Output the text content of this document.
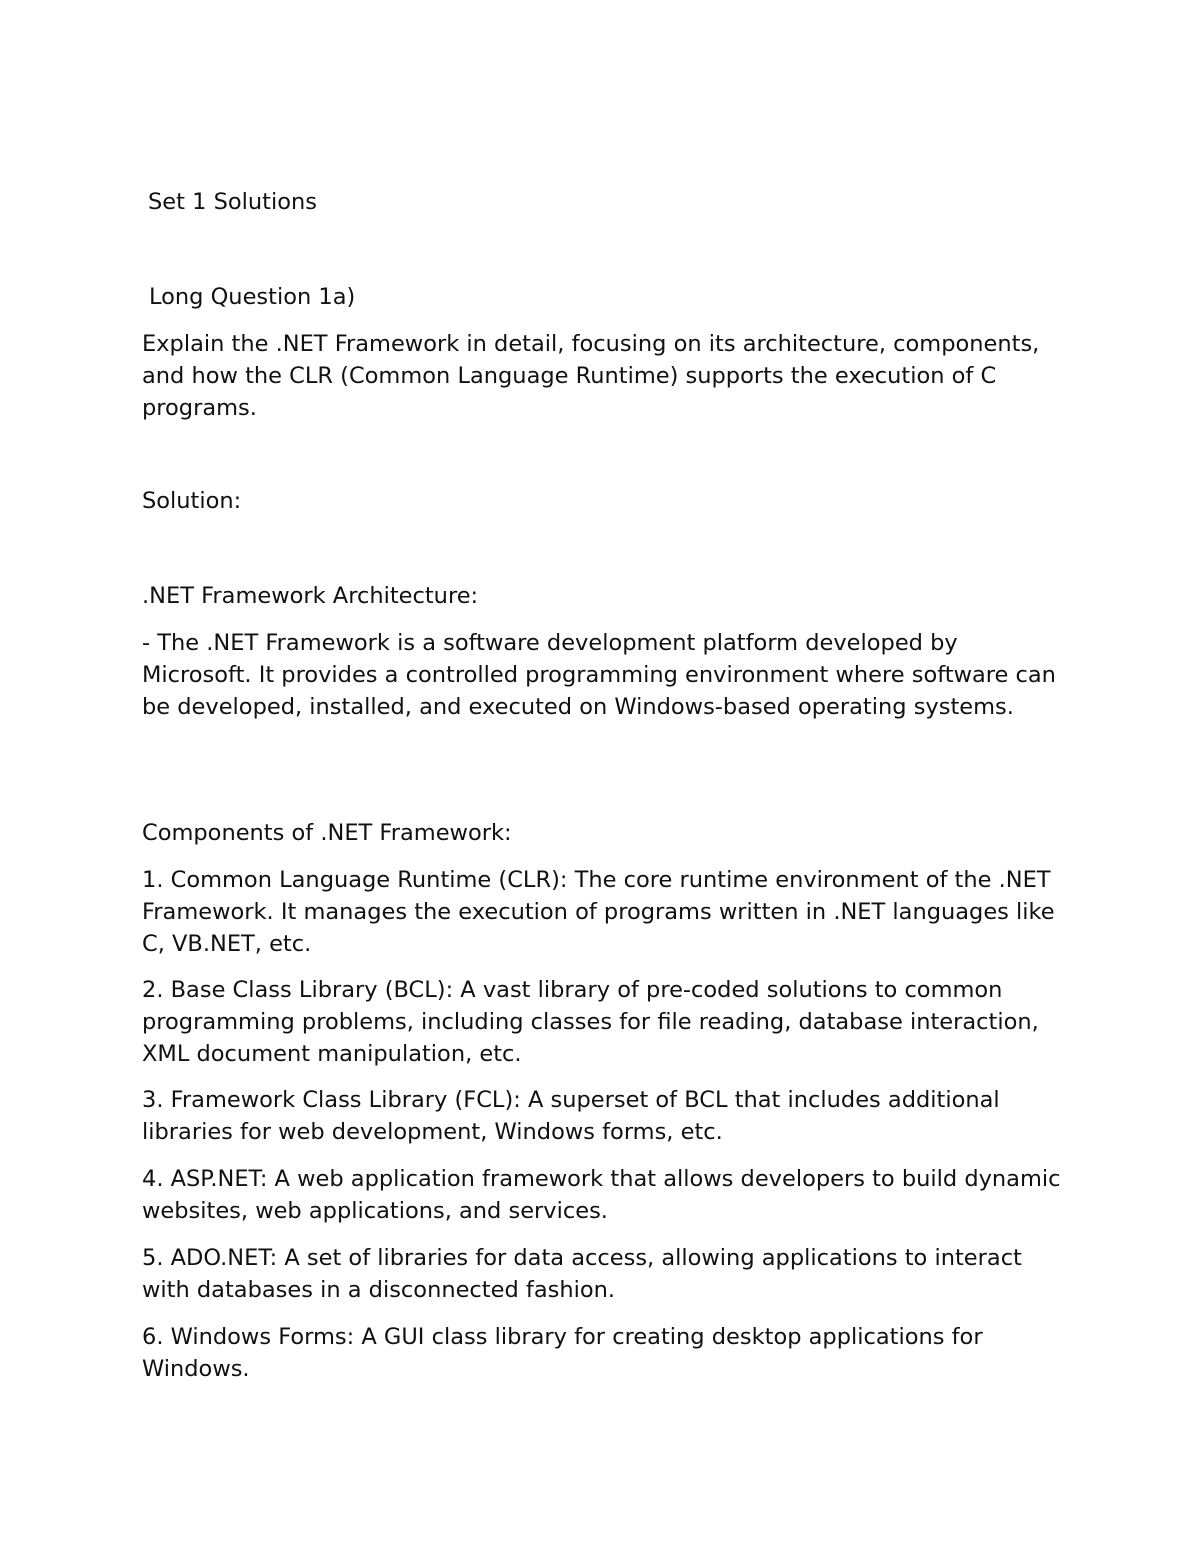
Set 1 Solutions

Long Question 1a)

Explain the .NET Framework in detail, focusing on its architecture, components, and how the CLR (Common Language Runtime) supports the execution of C programs.

Solution:

.NET Framework Architecture:

- The .NET Framework is a software development platform developed by Microsoft. It provides a controlled programming environment where software can be developed, installed, and executed on Windows-based operating systems.

Components of .NET Framework:

1. Common Language Runtime (CLR): The core runtime environment of the .NET Framework. It manages the execution of programs written in .NET languages like C, VB.NET, etc.

2. Base Class Library (BCL): A vast library of pre-coded solutions to common programming problems, including classes for file reading, database interaction, XML document manipulation, etc.

3. Framework Class Library (FCL): A superset of BCL that includes additional libraries for web development, Windows forms, etc.

4. ASP.NET: A web application framework that allows developers to build dynamic websites, web applications, and services.

5. ADO.NET: A set of libraries for data access, allowing applications to interact with databases in a disconnected fashion.

6. Windows Forms: A GUI class library for creating desktop applications for Windows.
